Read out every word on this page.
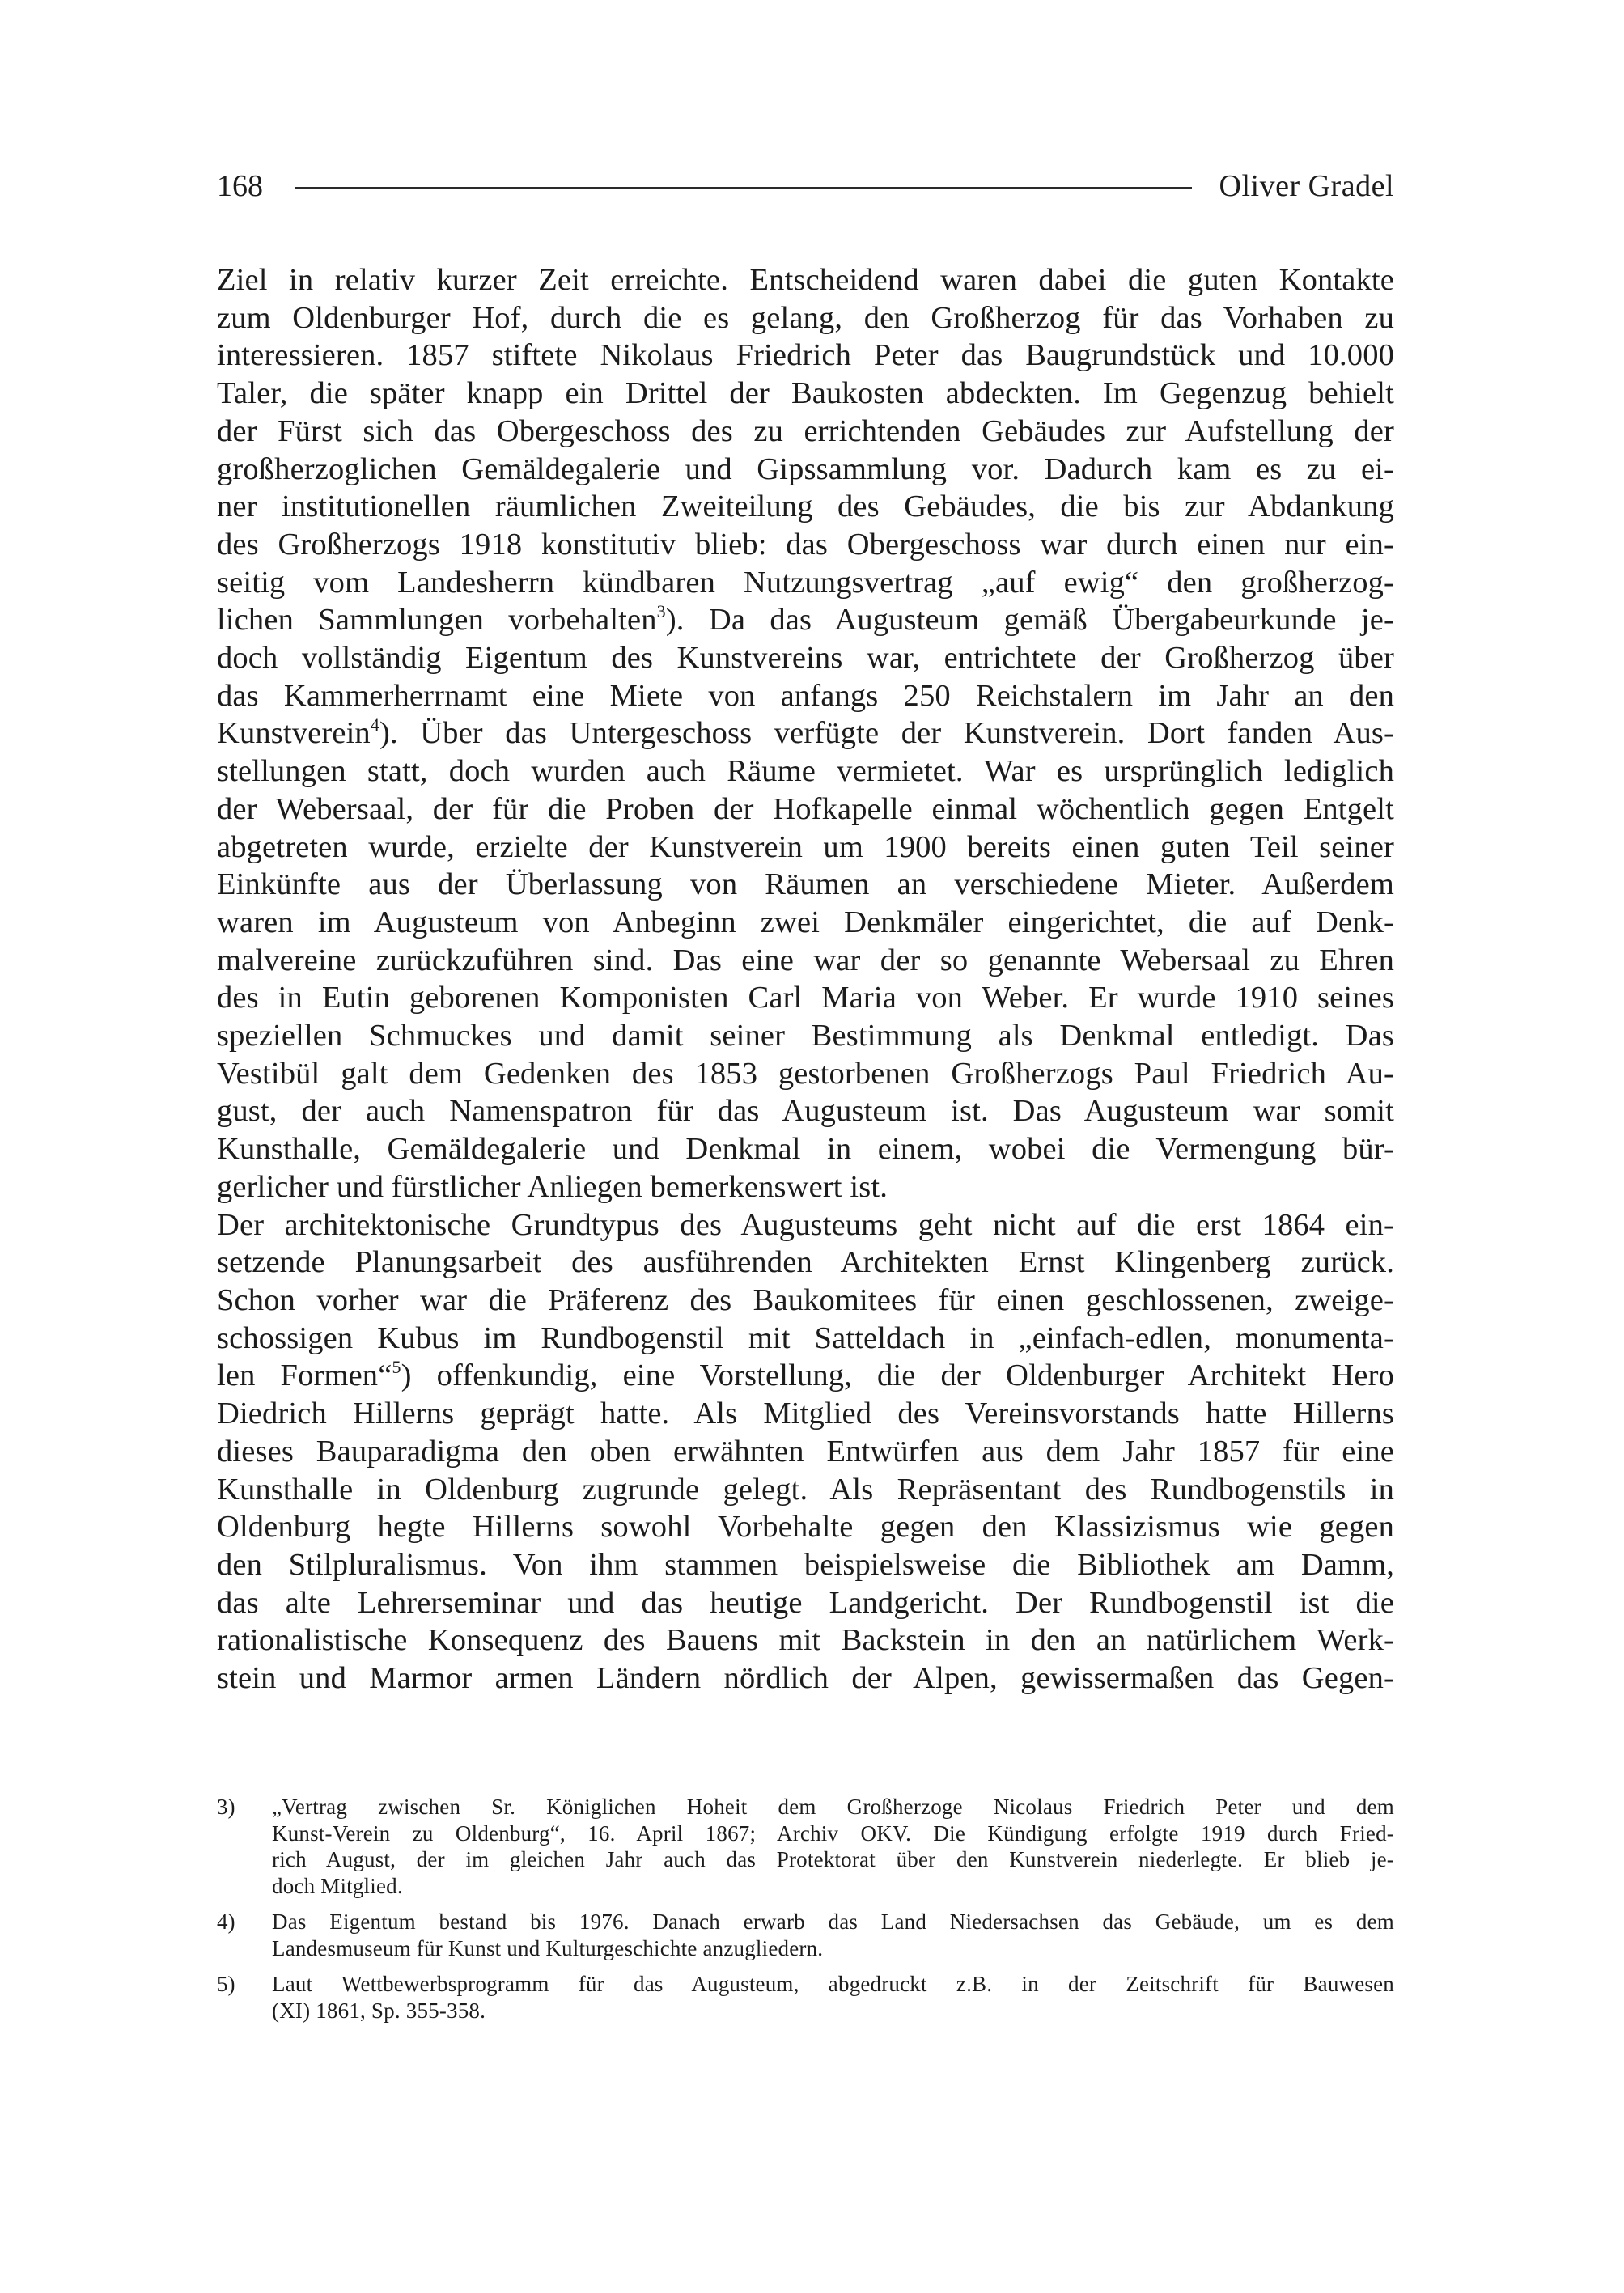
168	Oliver Gradel
Ziel in relativ kurzer Zeit erreichte. Entscheidend waren dabei die guten Kontakte
zum Oldenburger Hof, durch die es gelang, den Großherzog für das Vorhaben zu
interessieren. 1857 stiftete Nikolaus Friedrich Peter das Baugrundstück und 10.000
Taler, die später knapp ein Drittel der Baukosten abdeckten. Im Gegenzug behielt
der Fürst sich das Obergeschoss des zu errichtenden Gebäudes zur Aufstellung der
großherzoglichen Gemäldegalerie und Gipssammlung vor. Dadurch kam es zu ei-
ner institutionellen räumlichen Zweiteilung des Gebäudes, die bis zur Abdankung
des Großherzogs 1918 konstitutiv blieb: das Obergeschoss war durch einen nur ein-
seitig vom Landesherrn kündbaren Nutzungsvertrag „auf ewig“ den großherzog-
lichen Sammlungen vorbehalten$^3$). Da das Augusteum gemäß Übergabeurkunde je-
doch vollständig Eigentum des Kunstvereins war, entrichtete der Großherzog über
das Kammerherrnamt eine Miete von anfangs 250 Reichstalern im Jahr an den
Kunstverein$^4$). Über das Untergeschoss verfügte der Kunstverein. Dort fanden Aus-
stellungen statt, doch wurden auch Räume vermietet. War es ursprünglich lediglich
der Webersaal, der für die Proben der Hofkapelle einmal wöchentlich gegen Entgelt
abgetreten wurde, erzielte der Kunstverein um 1900 bereits einen guten Teil seiner
Einkünfte aus der Überlassung von Räumen an verschiedene Mieter. Außerdem
waren im Augusteum von Anbeginn zwei Denkmäler eingerichtet, die auf Denk-
malvereine zurückzuführen sind. Das eine war der so genannte Webersaal zu Ehren
des in Eutin geborenen Komponisten Carl Maria von Weber. Er wurde 1910 seines
speziellen Schmuckes und damit seiner Bestimmung als Denkmal entledigt. Das
Vestibül galt dem Gedenken des 1853 gestorbenen Großherzogs Paul Friedrich Au-
gust, der auch Namenspatron für das Augusteum ist. Das Augusteum war somit
Kunsthalle, Gemäldegalerie und Denkmal in einem, wobei die Vermengung bür-
gerlicher und fürstlicher Anliegen bemerkenswert ist.
Der architektonische Grundtypus des Augusteums geht nicht auf die erst 1864 ein-
setzende Planungsarbeit des ausführenden Architekten Ernst Klingenberg zurück.
Schon vorher war die Präferenz des Baukomitees für einen geschlossenen, zweige-
schossigen Kubus im Rundbogenstil mit Satteldach in „einfach-edlen, monumenta-
len Formen“$^5$) offenkundig, eine Vorstellung, die der Oldenburger Architekt Hero
Diedrich Hillerns geprägt hatte. Als Mitglied des Vereinsvorstands hatte Hillerns
dieses Bauparadigma den oben erwähnten Entwürfen aus dem Jahr 1857 für eine
Kunsthalle in Oldenburg zugrunde gelegt. Als Repräsentant des Rundbogenstils in
Oldenburg hegte Hillerns sowohl Vorbehalte gegen den Klassizismus wie gegen
den Stilpluralismus. Von ihm stammen beispielsweise die Bibliothek am Damm,
das alte Lehrerseminar und das heutige Landgericht. Der Rundbogenstil ist die
rationalistische Konsequenz des Bauens mit Backstein in den an natürlichem Werk-
stein und Marmor armen Ländern nördlich der Alpen, gewissermaßen das Gegen-
3)	„Vertrag zwischen Sr. Königlichen Hoheit dem Großherzoge Nicolaus Friedrich Peter und dem
Kunst-Verein zu Oldenburg“, 16. April 1867; Archiv OKV. Die Kündigung erfolgte 1919 durch Fried-
rich August, der im gleichen Jahr auch das Protektorat über den Kunstverein niederlegte. Er blieb je-
doch Mitglied.
4)	Das Eigentum bestand bis 1976. Danach erwarb das Land Niedersachsen das Gebäude, um es dem
Landesmuseum für Kunst und Kulturgeschichte anzugliedern.
5)	Laut Wettbewerbsprogramm für das Augusteum, abgedruckt z.B. in der Zeitschrift für Bauwesen
(XI) 1861, Sp. 355-358.
